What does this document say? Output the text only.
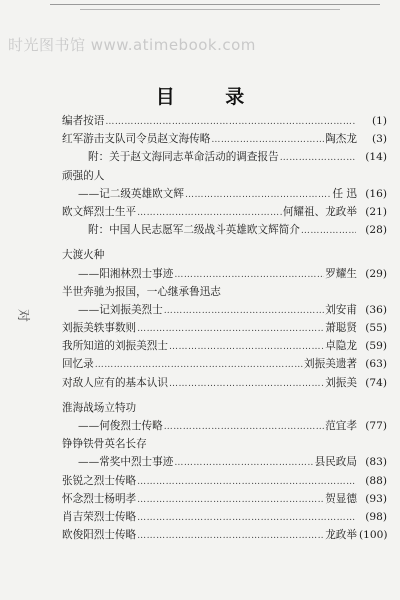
时光图书馆 www.atimebook.com
目 录
对
编者按语 …………………………………………………………………………………………………………………………………………	(1)
红军游击支队司令员赵文海传略 …………………………………………………………………………………………………………………………………………	陶杰龙	(3)
附：关于赵文海同志革命活动的调查报告 …………………………………………………………………………………………………………………………………………	(14)
顽强的人
——记二级英雄欧文辉 …………………………………………………………………………………………………………………………………………	任 迅 (16)
欧文辉烈士生平 …………………………………………………………………………………………………………………………………………	何耀祖、龙政举 (21)
附：中国人民志愿军二级战斗英雄欧文辉简介 …………………………………………………………………………………………………………………………………………	(28)
大渡火种
——阳湘林烈士事迹 …………………………………………………………………………………………………………………………………………	罗耀生 (29)
半世奔驰为报国，一心继承鲁迅志
——记刘振美烈士 …………………………………………………………………………………………………………………………………………	刘安甫 (36)
刘振美轶事数则 …………………………………………………………………………………………………………………………………………	萧聪贤 (55)
我所知道的刘振美烈士 …………………………………………………………………………………………………………………………………………	卓隐龙 (59)
回忆录 …………………………………………………………………………………………………………………………………………	刘振美遗著 (63)
对敌人应有的基本认识 …………………………………………………………………………………………………………………………………………	刘振美 (74)
淮海战场立特功
——何俊烈士传略 …………………………………………………………………………………………………………………………………………	范宜孝 (77)
铮铮铁骨英名长存
——常奖中烈士事迹 …………………………………………………………………………………………………………………………………………	县民政局 (83)
张锐之烈士传略 …………………………………………………………………………………………………………………………………………	(88)
怀念烈士杨明孝 …………………………………………………………………………………………………………………………………………	贺显德 (93)
肖吉荣烈士传略 …………………………………………………………………………………………………………………………………………	(98)
欧俊阳烈士传略 …………………………………………………………………………………………………………………………………………	龙政举 (100)
